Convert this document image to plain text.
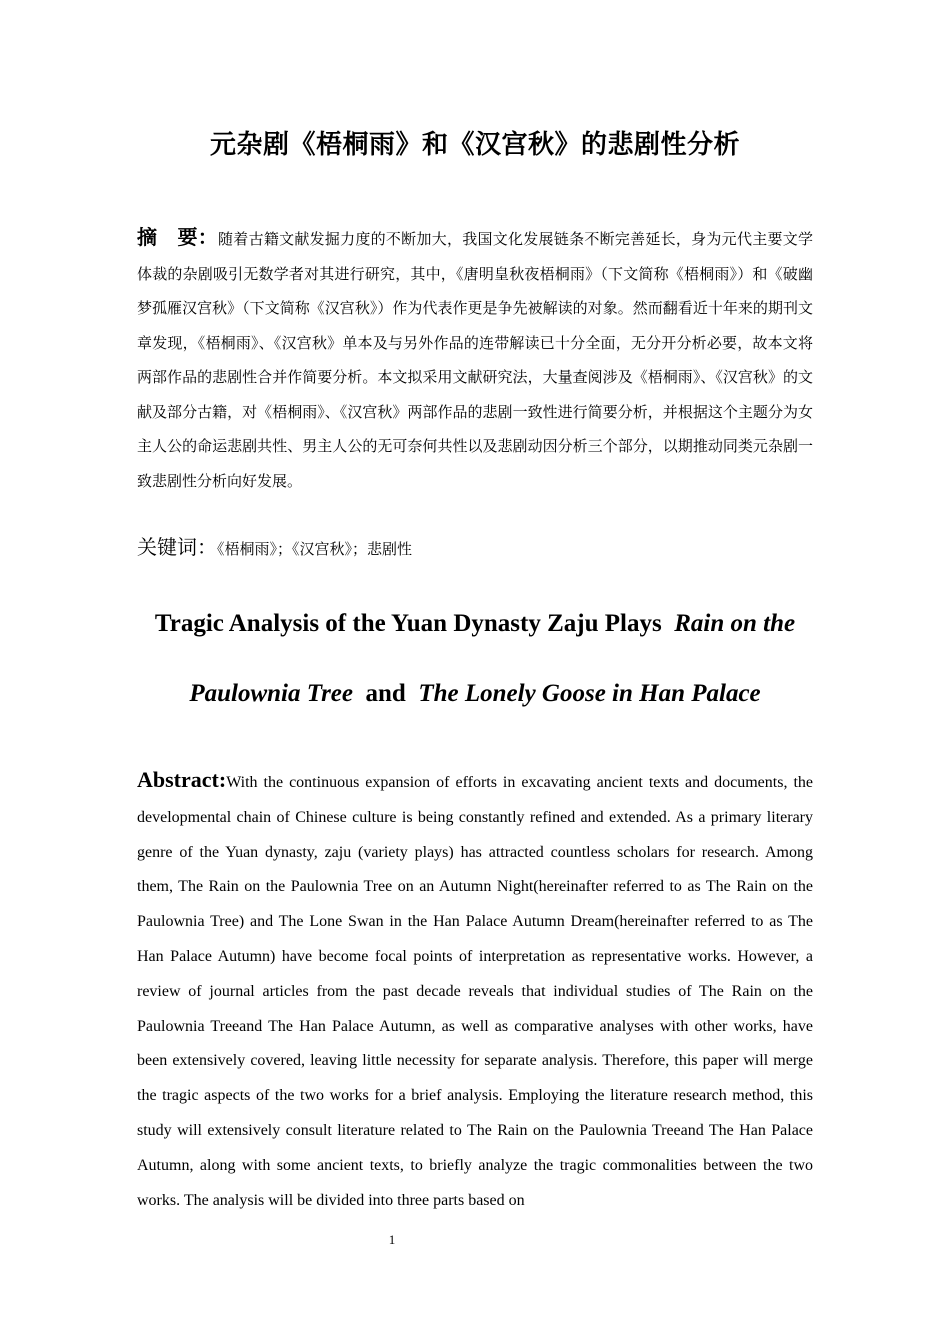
元杂剧《梧桐雨》和《汉宫秋》的悲剧性分析
摘　要：随着古籍文献发掘力度的不断加大，我国文化发展链条不断完善延长，身为元代主要文学体裁的杂剧吸引无数学者对其进行研究，其中，《唐明皇秋夜梧桐雨》（下文简称《梧桐雨》）和《破幽梦孤雁汉宫秋》（下文简称《汉宫秋》）作为代表作更是争先被解读的对象。然而翻看近十年来的期刊文章发现，《梧桐雨》、《汉宫秋》单本及与另外作品的连带解读已十分全面，无分开分析必要，故本文将两部作品的悲剧性合并作简要分析。本文拟采用文献研究法，大量查阅涉及《梧桐雨》、《汉宫秋》的文献及部分古籍，对《梧桐雨》、《汉宫秋》两部作品的悲剧一致性进行简要分析，并根据这个主题分为女主人公的命运悲剧共性、男主人公的无可奈何共性以及悲剧动因分析三个部分，以期推动同类元杂剧一致悲剧性分析向好发展。
关键词：《梧桐雨》；《汉宫秋》；悲剧性
Tragic Analysis of the Yuan Dynasty Zaju Plays Rain on the
Paulownia Tree and The Lonely Goose in Han Palace
Abstract:With the continuous expansion of efforts in excavating ancient texts and documents, the developmental chain of Chinese culture is being constantly refined and extended. As a primary literary genre of the Yuan dynasty, zaju (variety plays) has attracted countless scholars for research. Among them, The Rain on the Paulownia Tree on an Autumn Night(hereinafter referred to as The Rain on the Paulownia Tree) and The Lone Swan in the Han Palace Autumn Dream(hereinafter referred to as The Han Palace Autumn) have become focal points of interpretation as representative works. However, a review of journal articles from the past decade reveals that individual studies of The Rain on the Paulownia Treeand The Han Palace Autumn, as well as comparative analyses with other works, have been extensively covered, leaving little necessity for separate analysis. Therefore, this paper will merge the tragic aspects of the two works for a brief analysis. Employing the literature research method, this study will extensively consult literature related to The Rain on the Paulownia Treeand The Han Palace Autumn, along with some ancient texts, to briefly analyze the tragic commonalities between the two works. The analysis will be divided into three parts based on
1
